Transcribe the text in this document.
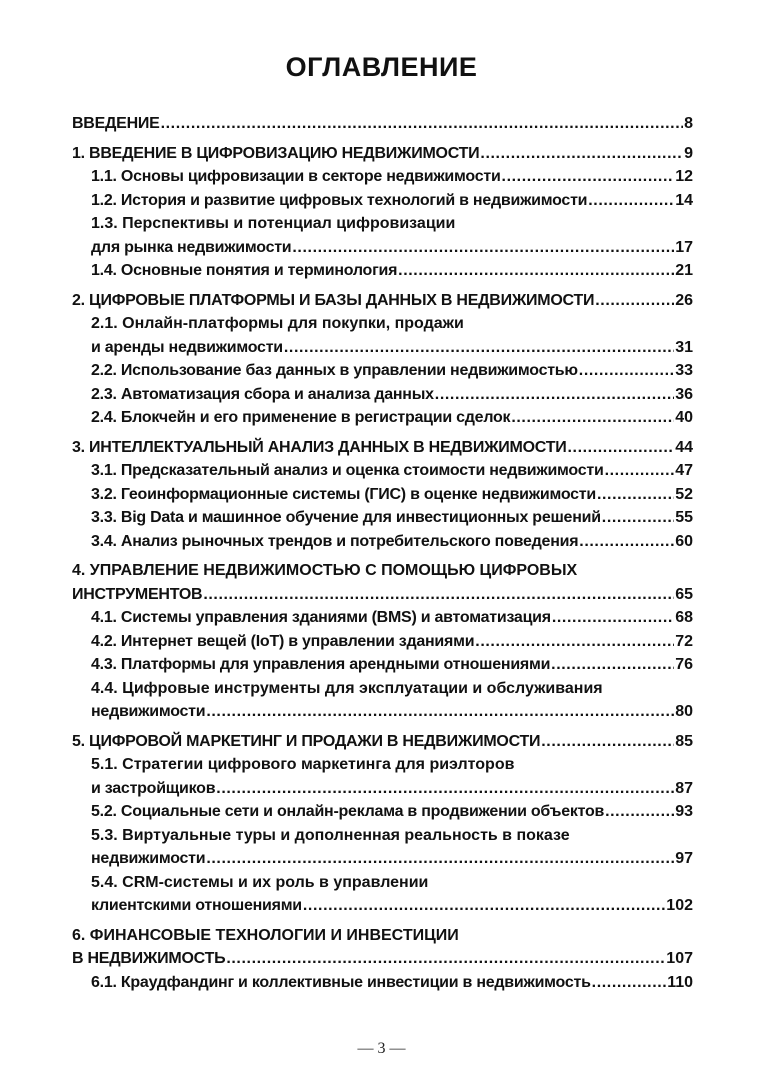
ОГЛАВЛЕНИЕ
ВВЕДЕНИЕ .....	8
1. ВВЕДЕНИЕ В ЦИФРОВИЗАЦИЮ НЕДВИЖИМОСТИ .....	9
1.1. Основы цифровизации в секторе недвижимости .....	12
1.2. История и развитие цифровых технологий в недвижимости .....	14
1.3. Перспективы и потенциал цифровизации
для рынка недвижимости .....	17
1.4. Основные понятия и терминология .....	21
2. ЦИФРОВЫЕ ПЛАТФОРМЫ И БАЗЫ ДАННЫХ В НЕДВИЖИМОСТИ .....	26
2.1. Онлайн-платформы для покупки, продажи
и аренды недвижимости .....	31
2.2. Использование баз данных в управлении недвижимостью .....	33
2.3. Автоматизация сбора и анализа данных .....	36
2.4. Блокчейн и его применение в регистрации сделок .....	40
3. ИНТЕЛЛЕКТУАЛЬНЫЙ АНАЛИЗ ДАННЫХ В НЕДВИЖИМОСТИ .....	44
3.1. Предсказательный анализ и оценка стоимости недвижимости .....	47
3.2. Геоинформационные системы (ГИС) в оценке недвижимости .....	52
3.3. Big Data и машинное обучение для инвестиционных решений .....	55
3.4. Анализ рыночных трендов и потребительского поведения .....	60
4. УПРАВЛЕНИЕ НЕДВИЖИМОСТЬЮ С ПОМОЩЬЮ ЦИФРОВЫХ
ИНСТРУМЕНТОВ .....	65
4.1. Системы управления зданиями (BMS) и автоматизация .....	68
4.2. Интернет вещей (IoT) в управлении зданиями .....	72
4.3. Платформы для управления арендными отношениями .....	76
4.4. Цифровые инструменты для эксплуатации и обслуживания
недвижимости .....	80
5. ЦИФРОВОЙ МАРКЕТИНГ И ПРОДАЖИ В НЕДВИЖИМОСТИ .....	85
5.1. Стратегии цифрового маркетинга для риэлторов
и застройщиков .....	87
5.2. Социальные сети и онлайн-реклама в продвижении объектов .....	93
5.3. Виртуальные туры и дополненная реальность в показе
недвижимости .....	97
5.4. CRM-системы и их роль в управлении
клиентскими отношениями .....	102
6. ФИНАНСОВЫЕ ТЕХНОЛОГИИ И ИНВЕСТИЦИИ
В НЕДВИЖИМОСТЬ .....	107
6.1. Краудфандинг и коллективные инвестиции в недвижимость .....	110
— 3 —
